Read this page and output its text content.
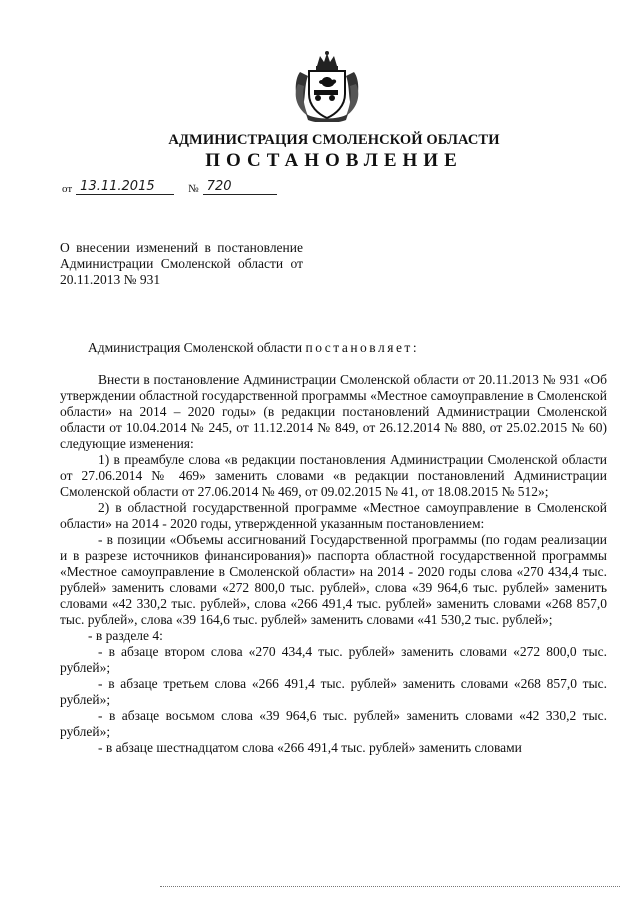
АДМИНИСТРАЦИЯ СМОЛЕНСКОЙ ОБЛАСТИ
ПОСТАНОВЛЕНИЕ
от 13.11.2015	№ 720
О внесении изменений в постановление Администрации Смоленской области от
20.11.2013 № 931

Администрация Смоленской области постановляет:

Внести в постановление Администрации Смоленской области от 20.11.2013 № 931 «Об утверждении областной государственной программы «Местное самоуправление в Смоленской области» на 2014 – 2020 годы» (в редакции постановлений Администрации Смоленской области от 10.04.2014 № 245, от 11.12.2014 № 849, от 26.12.2014 № 880, от 25.02.2015 № 60) следующие изменения:

1) в преамбуле слова «в редакции постановления Администрации Смоленской области от 27.06.2014 № 469» заменить словами «в редакции постановлений Администрации Смоленской области от 27.06.2014 № 469, от 09.02.2015 № 41, от 18.08.2015 № 512»;

2) в областной государственной программе «Местное самоуправление в Смоленской области» на 2014 - 2020 годы, утвержденной указанным постановлением:

- в позиции «Объемы ассигнований Государственной программы (по годам реализации и в разрезе источников финансирования)» паспорта областной государственной программы «Местное самоуправление в Смоленской области» на 2014 - 2020 годы слова «270 434,4 тыс. рублей» заменить словами «272 800,0 тыс. рублей», слова «39 964,6 тыс. рублей» заменить словами «42 330,2 тыс. рублей», слова «266 491,4 тыс. рублей» заменить словами «268 857,0 тыс. рублей», слова «39 164,6 тыс. рублей» заменить словами «41 530,2 тыс. рублей»;

- в разделе 4:

- в абзаце втором слова «270 434,4 тыс. рублей» заменить словами «272 800,0 тыс. рублей»;

- в абзаце третьем слова «266 491,4 тыс. рублей» заменить словами «268 857,0 тыс. рублей»;

- в абзаце восьмом слова «39 964,6 тыс. рублей» заменить словами «42 330,2 тыс. рублей»;

- в абзаце шестнадцатом слова «266 491,4 тыс. рублей» заменить словами
